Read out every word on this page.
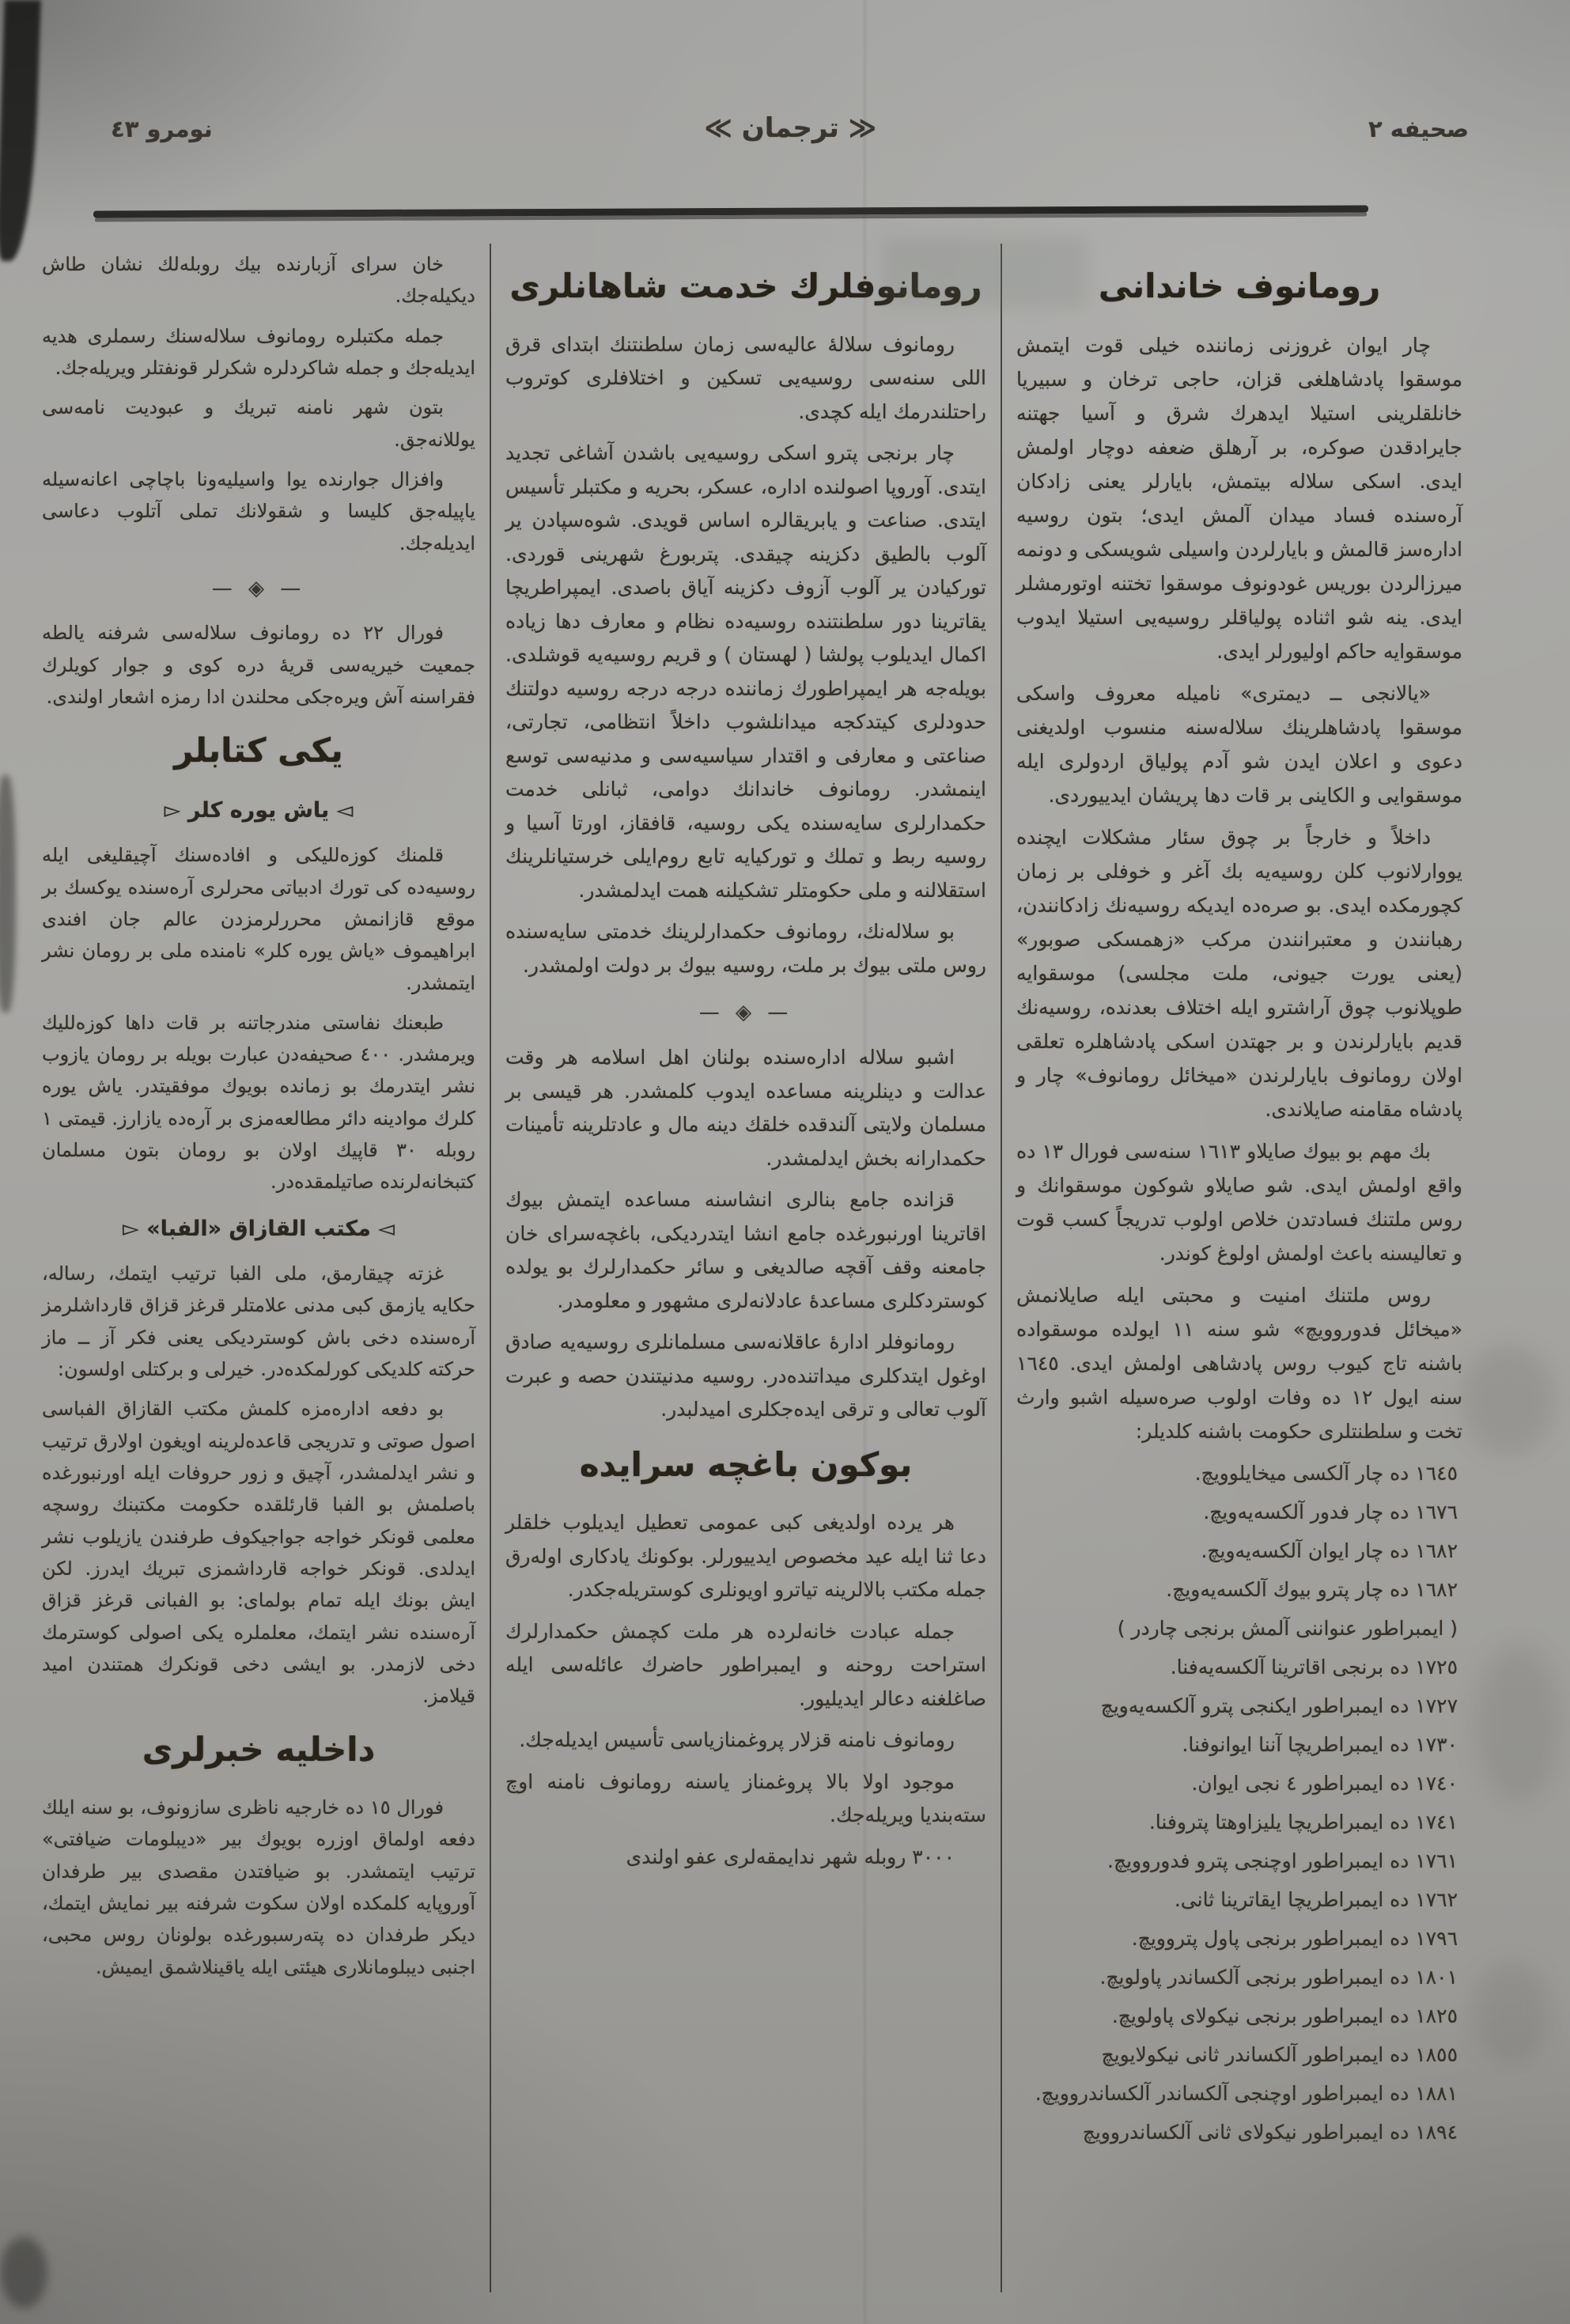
صحيفه ٢
≪ ترجمان ≫
نومرو ٤٣
رومانوف خاندانى
چار ايوان غروزنى زماننده خيلى قوت ايتمش موسقوا پادشاهلغى قزان، حاجى ترخان و سبيريا خانلقلرينى استيلا ايدهرك شرق و آسيا جهتنه جايرادقدن صوكره، بر آرهلق ضعفه دوچار اولمش ايدى. اسكى سلاله بيتمش، بايارلر يعنى زادكان آره‌سنده فساد ميدان آلمش ايدى؛ بتون روسيه اداره‌سز قالمش و بايارلردن واسيلى شويسكى و دونمه ميرزالردن بوريس غودونوف موسقوا تختنه اوتورمشلر ايدى. ينه شو اثناده پولياقلر روسيه‌يى استيلا ايدوب موسقوايه حاكم اوليورلر ايدى.
«يالانجى ــ ديمترى» ناميله معروف واسكى موسقوا پادشاهلرينك سلاله‌سنه منسوب اولديغنى دعوى و اعلان ايدن شو آدم پولياق اردولرى ايله موسقوايى و الكاينى بر قات دها پريشان ايدييوردى.
داخلاً و خارجاً بر چوق سئار مشكلات ايچنده يووارلانوب كلن روسيه‌يه بك آغر و خوفلى بر زمان كچورمكده ايدى. بو صره‌ده ايديكه روسيه‌نك زادكانندن، رهبانندن و معتبرانندن مركب «زهمسكى صوبور» (يعنى يورت جيونى، ملت مجلسى) موسقوايه طوپلانوب چوق آراشترو ايله اختلاف بعدنده، روسيه‌نك قديم بايارلرندن و بر جهتدن اسكى پادشاهلره تعلقى اولان رومانوف بايارلرندن «ميخائل رومانوف» چار و پادشاه مقامنه صايلاندى.
بك مهم بو بيوك صايلاو ١٦١٣ سنه‌سى فورال ١٣ ده واقع اولمش ايدى. شو صايلاو شوكون موسقوانك و روس ملتنك فسادتدن خلاص اولوب تدريجاً كسب قوت و تعاليسنه باعث اولمش اولوغ كوندر.
روس ملتنك امنيت و محبتى ايله صايلانمش «ميخائل فدوروويچ» شو سنه ١١ ايولده موسقواده باشنه تاج كيوب روس پادشاهى اولمش ايدى. ١٦٤٥ سنه ايول ١٢ ده وفات اولوب صره‌سيله اشبو وارث تخت و سلطنتلرى حكومت باشنه كلديلر:
١٦٤٥ ده چار آلكسى ميخايلوويچ.
١٦٧٦ ده چار فدور آلكسه‌يه‌ويچ.
١٦٨٢ ده چار ايوان آلكسه‌يه‌ويچ.
١٦٨٢ ده چار پترو بيوك آلكسه‌يه‌ويچ.
( ايمبراطور عنواننى آلمش برنجى چاردر )
١٧٢٥ ده برنجى اقاترينا آلكسه‌يه‌فنا.
١٧٢٧ ده ايمبراطور ايكنجى پترو آلكسه‌يه‌ويچ
١٧٣٠ ده ايمبراطريچا آننا ايوانوفنا.
١٧٤٠ ده ايمبراطور ٤ نجى ايوان.
١٧٤١ ده ايمبراطريچا يليزاوهتا پتروفنا.
١٧٦١ ده ايمبراطور اوچنجى پترو فدوروويچ.
١٧٦٢ ده ايمبراطريچا ايقاترينا ثانى.
١٧٩٦ ده ايمبراطور برنجى پاول پتروويچ.
١٨٠١ ده ايمبراطور برنجى آلكساندر پاولويچ.
١٨٢٥ ده ايمبراطور برنجى نيكولاى پاولويچ.
١٨٥٥ ده ايمبراطور آلكساندر ثانى نيكولايويچ
١٨٨١ ده ايمبراطور اوچنجى آلكساندر آلكساندروويچ.
١٨٩٤ ده ايمبراطور نيكولاى ثانى آلكساندروويچ
رومانوفلرك خدمت شاهانلرى
رومانوف سلالهٔ عاليه‌سى زمان سلطنتنك ابتداى قرق اللى سنه‌سى روسيه‌يى تسكين و اختلافلرى كوتروب راحتلندرمك ايله كچدى.
چار برنجى پترو اسكى روسيه‌يى باشدن آشاغى تجديد ايتدى. آوروپا اصولنده اداره، عسكر، بحريه و مكتبلر تأسيس ايتدى. صناعت و يابريقالره اساس قويدى. شوه‌سپادن ير آلوب بالطيق دكزينه چيقدى. پتربورغ شهرينى قوردى. توركيادن ير آلوب آزوف دكزينه آياق باصدى. ايمپراطريچا يقاترينا دور سلطنتنده روسيه‌ده نظام و معارف دها زياده اكمال ايديلوب پولشا ( لهستان ) و قريم روسيه‌يه قوشلدى. بويله‌جه هر ايمپراطورك زماننده درجه درجه روسيه دولتنك حدودلرى كيتدكجه ميدانلشوب داخلاً انتظامى، تجارتى، صناعتى و معارفى و اقتدار سياسيه‌سى و مدنيه‌سى توسع اينمشدر. رومانوف خاندانك دوامى، ثبانلى خدمت حكمدارلرى سايه‌سنده يكى روسيه، قافقاز، اورتا آسيا و روسيه ربط و تملك و توركيايه تابع روم‌ايلى خرستيانلرينك استقلالنه و ملى حكومتلر تشكيلنه همت ايدلمشدر.
بو سلاله‌نك، رومانوف حكمدارلرينك خدمتى سايه‌سنده روس ملتى بيوك بر ملت، روسيه بيوك بر دولت اولمشدر.
— ◈ —
اشبو سلاله اداره‌سنده بولنان اهل اسلامه هر وقت عدالت و دينلرينه مساعده ايدوب كلمشدر. هر قيسى بر مسلمان ولايتى آلندقده خلقك دينه مال و عادتلرينه تأمينات حكمدارانه بخش ايدلمشدر.
قزانده جامع بنالرى انشاسنه مساعده ايتمش بيوك اقاترينا اورنبورغده جامع انشا ايتدرديكى، باغچه‌سراى خان جامعنه وقف آقچه صالديغى و سائر حكمدارلرك بو يولده كوستردكلرى مساعدهٔ عادلانه‌لرى مشهور و معلومدر.
رومانوفلر ادارهٔ عاقلانه‌سى مسلمانلرى روسيه‌يه صادق اوغول ايتدكلرى ميداتنده‌در. روسيه مدنيتندن حصه و عبرت آلوب تعالى و ترقى ايده‌جكلرى اميدلبدر.
بوكون باغچه سرايده
هر يرده اولديغى كبى عمومى تعطيل ايديلوب خلقلر دعا ثنا ايله عيد مخصوص ايدييورلر. بوكونك يادكارى اوله‌رق جمله مكتب بالالرينه تياترو اويونلرى كوستريله‌جكدر.
جمله عبادت خانه‌لرده هر ملت كچمش حكمدارلرك استراحت روحنه و ايمبراطور حاضرك عائله‌سى ايله صاغلغنه دعالر ايديليور.
رومانوف نامنه قزلار پروغمنازياسى تأسيس ايديله‌جك.
موجود اولا بالا پروغمناز ياسنه رومانوف نامنه اوچ سته‌بنديا ويريله‌جك.
٣٠٠٠ روبله شهر ندايمقه‌لرى عفو اولندى
خان سراى آزبارنده بيك روبله‌لك نشان طاش ديكيله‌جك.
جمله مكتبلره رومانوف سلاله‌سنك رسملرى هديه ايديله‌جك و جمله شاكردلره شكرلر قونفتلر ويريله‌جك.
بتون شهر نامنه تبريك و عبوديت نامه‌سى يوللانه‌جق.
وافزال جوارنده يوا واسيليه‌ونا باچاچى اعانه‌سيله ياپيله‌جق كليسا و شقولانك تملى آتلوب دعاسى ايديله‌جك.
— ◈ —
فورال ٢٢ ده رومانوف سلاله‌سى شرفنه يالطه جمعيت خيريه‌سى قريهٔ دره كوى و جوار كويلرك فقراسنه آش ويره‌جكى محلندن ادا رمزه اشعار اولندى.
يكى كتابلر
◅ ياش يوره كلر ▻
قلمنك كوزه‌لليكى و افاده‌سنك آچيقليغى ايله روسيه‌ده كى تورك ادبياتى محرلرى آره‌سنده يوكسك بر موقع قازانمش محررلرمزدن عالم جان افندى ابراهيموف «ياش يوره كلر» نامنده ملى بر رومان نشر ايتمشدر.
طبعنك نفاستى مندرجاتنه بر قات داها كوزه‌لليك ويرمشدر. ٤٠٠ صحيفه‌دن عبارت بويله بر رومان يازوب نشر ايتدرمك بو زمانده بويوك موفقيتدر. ياش يوره كلرك موادينه دائر مطالعه‌مزى بر آره‌ده يازارز. قيمتى ١ روبله ٣٠ قاپيك اولان بو رومان بتون مسلمان كتبخانه‌لرنده صاتيلمقده‌در.
◅ مكتب القازاق «الفبا» ▻
غزته چيقارمق، ملى الفبا ترتيب ايتمك، رساله، حكايه يازمق كبى مدنى علامتلر قرغز قزاق قارداشلرمز آره‌سنده دخى باش كوسترديكى يعنى فكر آز ــ ماز حركته كلديكى كورلمكده‌در. خيرلى و بركتلى اولسون:
بو دفعه اداره‌مزه كلمش مكتب القازاق الفباسى اصول صوتى و تدريجى قاعده‌لرينه اويغون اولارق ترتيب و نشر ايدلمشدر، آچيق و زور حروفات ايله اورنبورغده باصلمش بو الفبا قارئلقده حكومت مكتبنك روسچه معلمى قونكر خواجه جواجيكوف طرفندن يازيلوب نشر ايدلدى. قونكر خواجه قارداشمزى تبريك ايدرز. لكن ايش بونك ايله تمام بولماى: بو الفبانى قرغز قزاق آره‌سنده نشر ايتمك، معلملره يكى اصولى كوسترمك دخى لازمدر. بو ايشى دخى قونكرك همتندن اميد قيلامز.
داخليه خبرلرى
فورال ١٥ ده خارجيه ناظرى سازونوف، بو سنه ايلك دفعه اولماق اوزره بويوك بير «ديبلومات ضيافتى» ترتيب ايتمشدر. بو ضيافتدن مقصدى بير طرفدان آوروپايه كلمكده اولان سكوت شرفنه بير نمايش ايتمك، ديكر طرفدان ده پته‌رسبورغده بولونان روس محبى، اجنبى ديبلومانلارى هيئتى ايله ياقينلاشمق ايميش.
